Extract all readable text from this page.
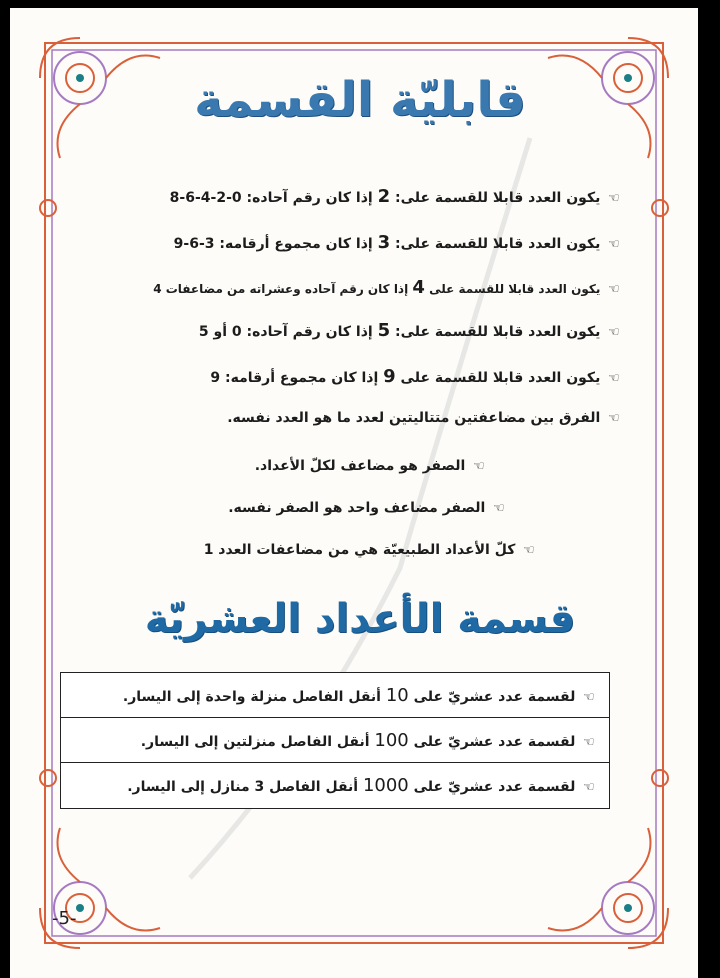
قابليّة القسمة
☞يكون العدد قابلا للقسمة على: 2 إذا كان رقم آحاده: 0-2-4-6-8
☞يكون العدد قابلا للقسمة على: 3 إذا كان مجموع أرقامه: 3-6-9
☞يكون العدد قابلا للقسمة على 4 إذا كان رقم آحاده وعشراته من مضاعفات 4
☞يكون العدد قابلا للقسمة على: 5 إذا كان رقم آحاده: 0 أو 5
☞يكون العدد قابلا للقسمة على 9 إذا كان مجموع أرقامه: 9
☞الفرق بين مضاعفتين متتاليتين لعدد ما هو العدد نفسه.
☞الصفر هو مضاعف لكلّ الأعداد.
☞الصفر مضاعف واحد هو الصفر نفسه.
☞كلّ الأعداد الطبيعيّة هي من مضاعفات العدد 1
قسمة الأعداد العشريّة
☞لقسمة عدد عشريّ على 10 أنقل الفاصل منزلة واحدة إلى اليسار.
☞لقسمة عدد عشريّ على 100 أنقل الفاصل منزلتين إلى اليسار.
☞لقسمة عدد عشريّ على 1000 أنقل الفاصل 3 منازل إلى اليسار.
-5-
